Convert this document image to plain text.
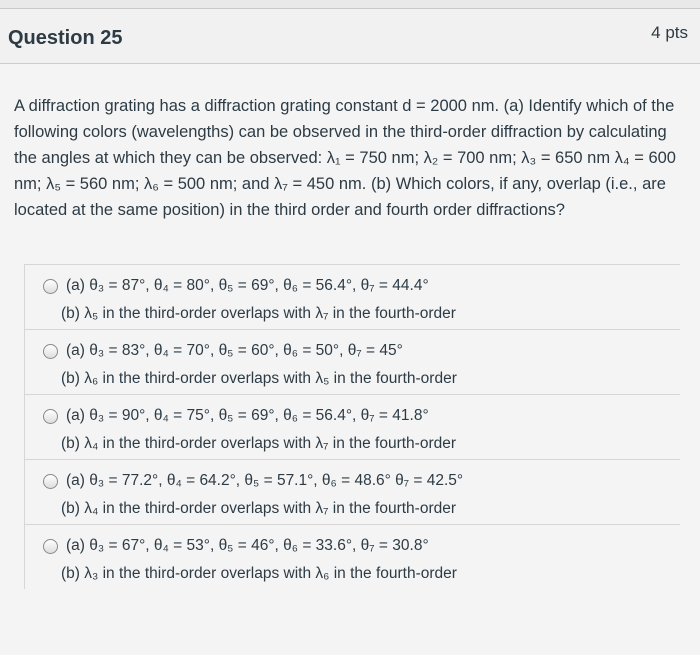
Question 25	4 pts
A diffraction grating has a diffraction grating constant d = 2000 nm. (a) Identify which of the following colors (wavelengths) can be observed in the third-order diffraction by calculating the angles at which they can be observed: λ₁ = 750 nm; λ₂ = 700 nm; λ₃ = 650 nm λ₄ = 600 nm; λ₅ = 560 nm; λ₆ = 500 nm; and λ₇ = 450 nm. (b) Which colors, if any, overlap (i.e., are located at the same position) in the third order and fourth order diffractions?
(a) θ₃ = 87°, θ₄ = 80°, θ₅ = 69°, θ₆ = 56.4°, θ₇ = 44.4°
(b) λ₅ in the third-order overlaps with λ₇ in the fourth-order
(a) θ₃ = 83°, θ₄ = 70°, θ₅ = 60°, θ₆ = 50°, θ₇ = 45°
(b) λ₆ in the third-order overlaps with λ₅ in the fourth-order
(a) θ₃ = 90°, θ₄ = 75°, θ₅ = 69°, θ₆ = 56.4°, θ₇ = 41.8°
(b) λ₄ in the third-order overlaps with λ₇ in the fourth-order
(a) θ₃ = 77.2°, θ₄ = 64.2°, θ₅ = 57.1°, θ₆ = 48.6° θ₇ = 42.5°
(b) λ₄ in the third-order overlaps with λ₇ in the fourth-order
(a) θ₃ = 67°, θ₄ = 53°, θ₅ = 46°, θ₆ = 33.6°, θ₇ = 30.8°
(b) λ₃ in the third-order overlaps with λ₆ in the fourth-order
